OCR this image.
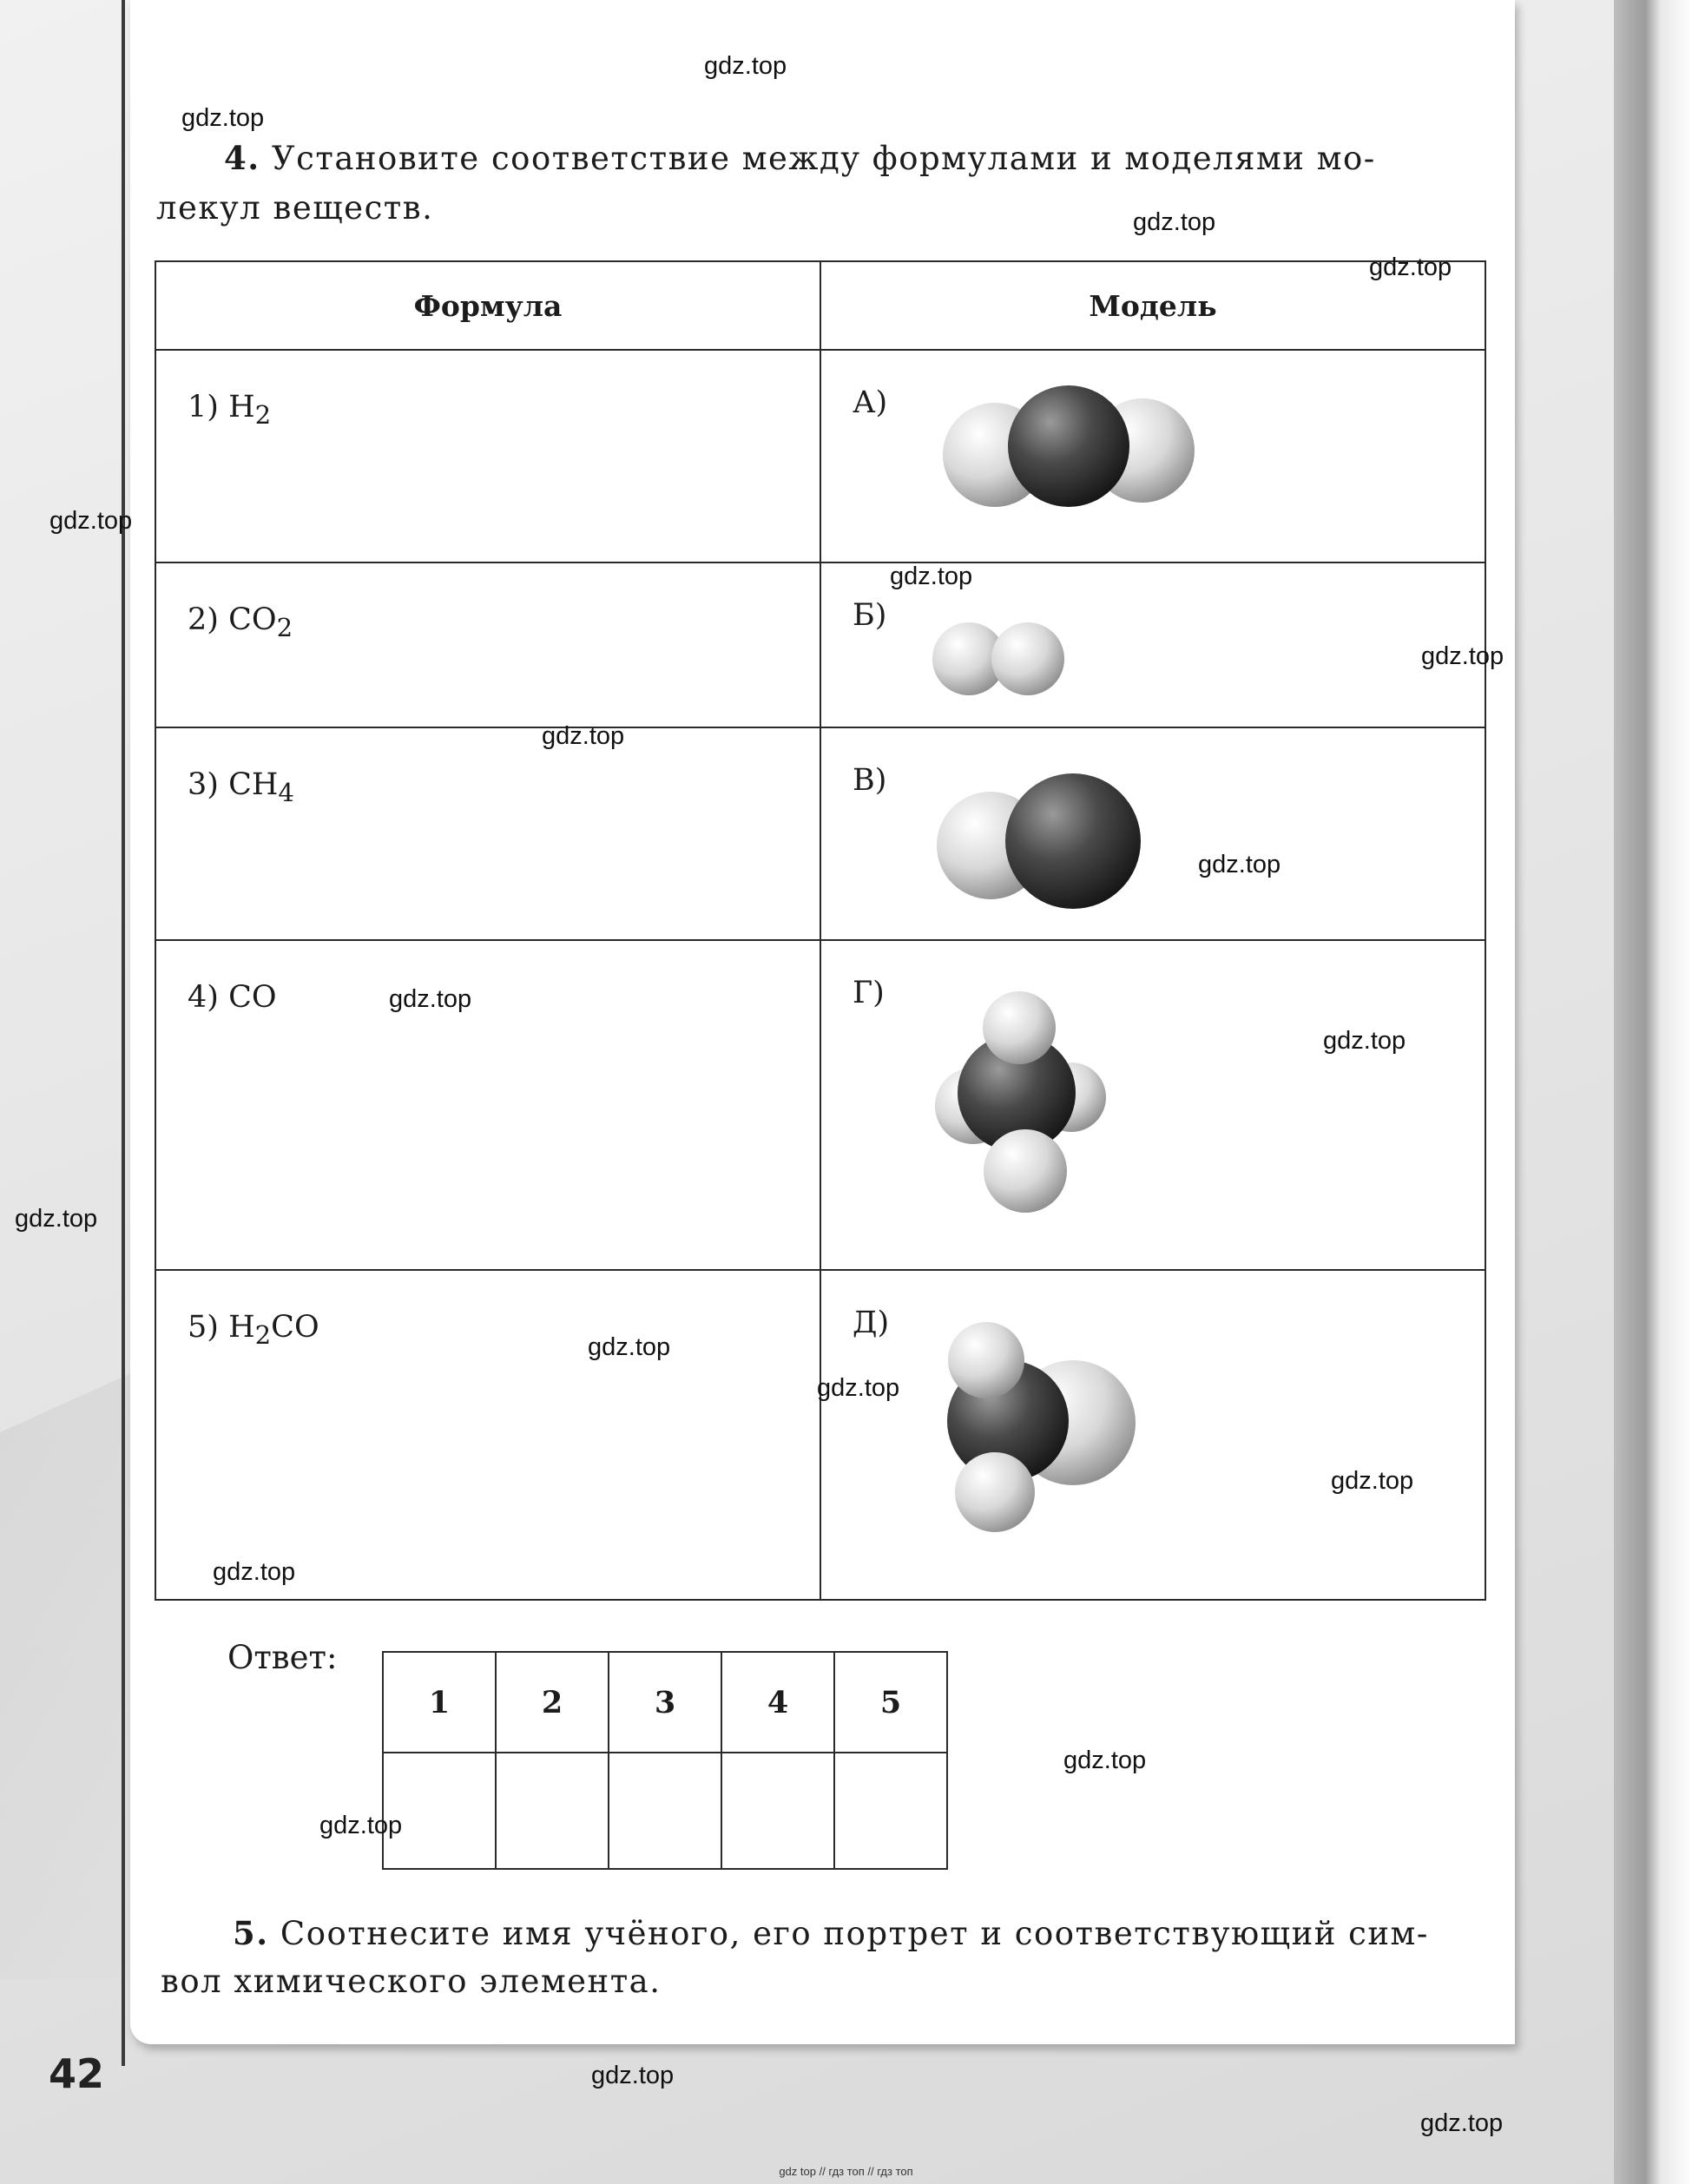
4. Установите соответствие между формулами и моделями мо-
лекул веществ.
Формула	Модель
1) $H_2$	А)

2) $CO_2$	Б)

3) $CH_4$	В)

4) CO	Г)

5) $H_2CO$	Д)
Ответ:
1	2	3	4	5

5. Соотнесите имя учёного, его портрет и соответствующий сим-
вол химического элемента.
42
gdz.top
gdz.top
gdz.top
gdz.top
gdz.top
gdz.top
gdz.top
gdz.top
gdz.top
gdz.top
gdz.top
gdz.top
gdz.top
gdz.top
gdz.top
gdz.top
gdz.top
gdz.top
gdz.top
gdz.top
gdz top // гдз топ // гдз топ
